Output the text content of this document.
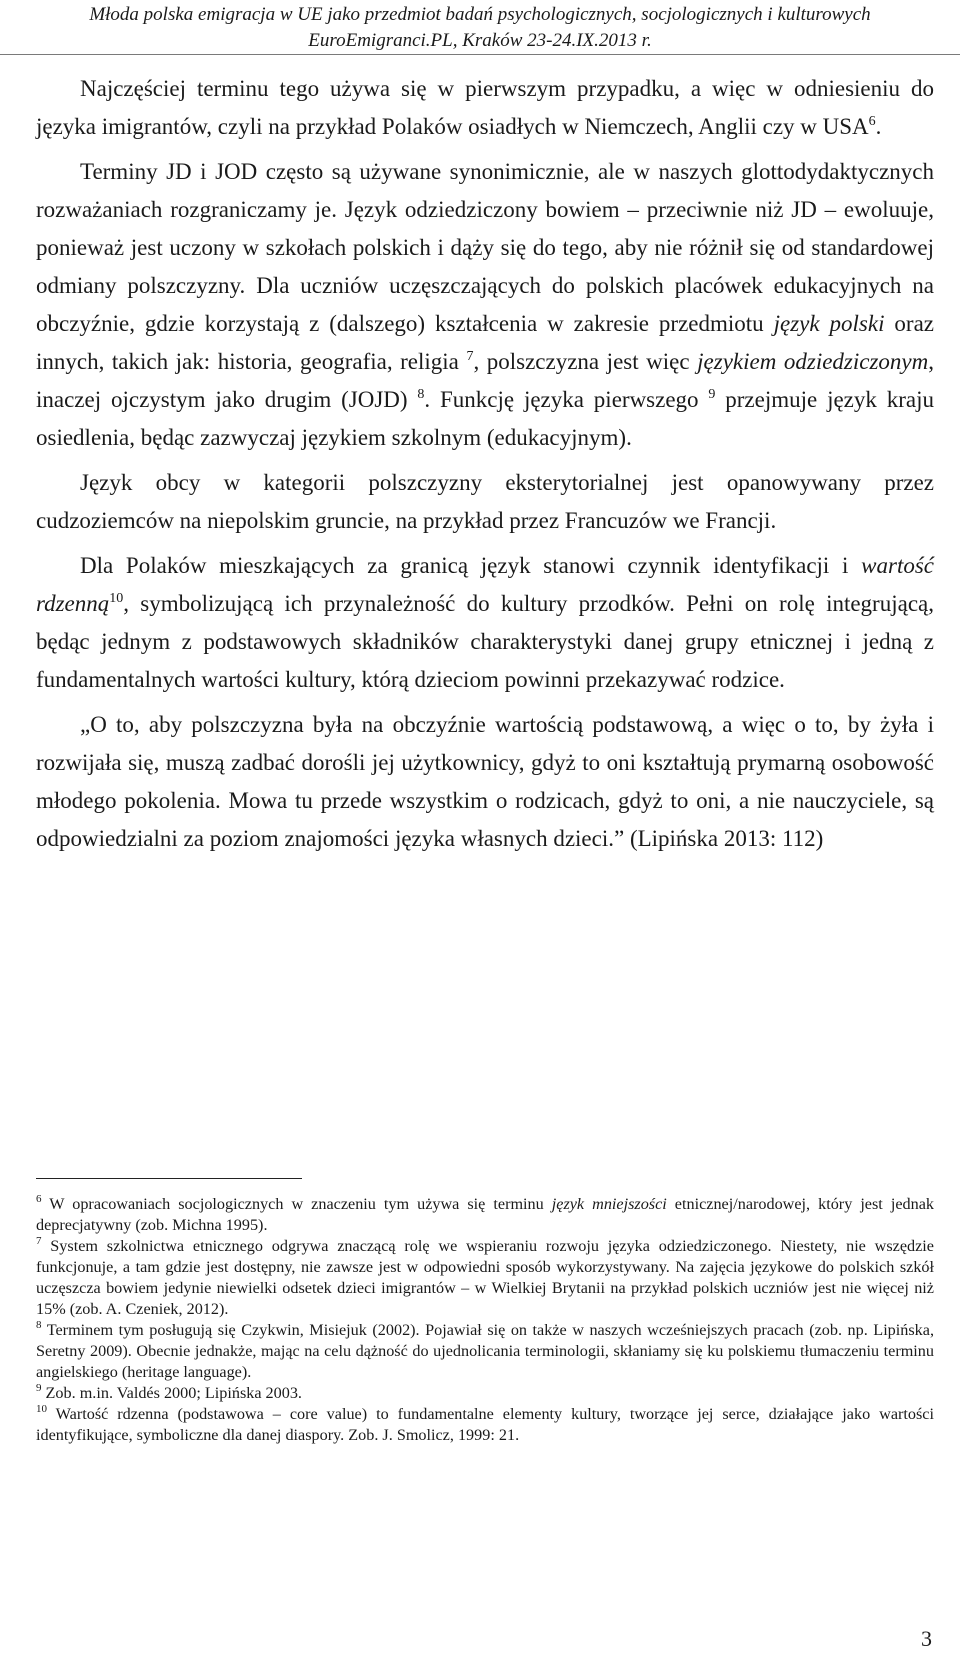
Młoda polska emigracja w UE jako przedmiot badań psychologicznych, socjologicznych i kulturowych
EuroEmigranci.PL, Kraków 23-24.IX.2013 r.

Najczęściej terminu tego używa się w pierwszym przypadku, a więc w odniesieniu do języka imigrantów, czyli na przykład Polaków osiadłych w Niemczech, Anglii czy w USA$^6$.

Terminy JD i JOD często są używane synonimicznie, ale w naszych glottodydaktycznych rozważaniach rozgraniczamy je. Język odziedziczony bowiem – przeciwnie niż JD – ewoluuje, ponieważ jest uczony w szkołach polskich i dąży się do tego, aby nie różnił się od standardowej odmiany polszczyzny. Dla uczniów uczęszczających do polskich placówek edukacyjnych na obczyźnie, gdzie korzystają z (dalszego) kształcenia w zakresie przedmiotu język polski oraz innych, takich jak: historia, geografia, religia $^7$, polszczyzna jest więc językiem odziedziczonym, inaczej ojczystym jako drugim (JOJD) $^8$. Funkcję języka pierwszego $^9$ przejmuje język kraju osiedlenia, będąc zazwyczaj językiem szkolnym (edukacyjnym).

Język obcy w kategorii polszczyzny eksterytorialnej jest opanowywany przez cudzoziemców na niepolskim gruncie, na przykład przez Francuzów we Francji.

Dla Polaków mieszkających za granicą język stanowi czynnik identyfikacji i wartość rdzenną$^{10}$, symbolizującą ich przynależność do kultury przodków. Pełni on rolę integrującą, będąc jednym z podstawowych składników charakterystyki danej grupy etnicznej i jedną z fundamentalnych wartości kultury, którą dzieciom powinni przekazywać rodzice.

„O to, aby polszczyzna była na obczyźnie wartością podstawową, a więc o to, by żyła i rozwijała się, muszą zadbać dorośli jej użytkownicy, gdyż to oni kształtują prymarną osobowość młodego pokolenia. Mowa tu przede wszystkim o rodzicach, gdyż to oni, a nie nauczyciele, są odpowiedzialni za poziom znajomości języka własnych dzieci.” (Lipińska 2013: 112)

$^6$ W opracowaniach socjologicznych w znaczeniu tym używa się terminu język mniejszości etnicznej/narodowej, który jest jednak deprecjatywny (zob. Michna 1995).

$^7$ System szkolnictwa etnicznego odgrywa znaczącą rolę we wspieraniu rozwoju języka odziedziczonego. Niestety, nie wszędzie funkcjonuje, a tam gdzie jest dostępny, nie zawsze jest w odpowiedni sposób wykorzystywany. Na zajęcia językowe do polskich szkół uczęszcza bowiem jedynie niewielki odsetek dzieci imigrantów – w Wielkiej Brytanii na przykład polskich uczniów jest nie więcej niż 15% (zob. A. Czeniek, 2012).

$^8$ Terminem tym posługują się Czykwin, Misiejuk (2002). Pojawiał się on także w naszych wcześniejszych pracach (zob. np. Lipińska, Seretny 2009). Obecnie jednakże, mając na celu dążność do ujednolicania terminologii, skłaniamy się ku polskiemu tłumaczeniu terminu angielskiego (heritage language).

$^9$ Zob. m.in. Valdés 2000; Lipińska 2003.

$^{10}$ Wartość rdzenna (podstawowa – core value) to fundamentalne elementy kultury, tworzące jej serce, działające jako wartości identyfikujące, symboliczne dla danej diaspory. Zob. J. Smolicz, 1999: 21.

3
